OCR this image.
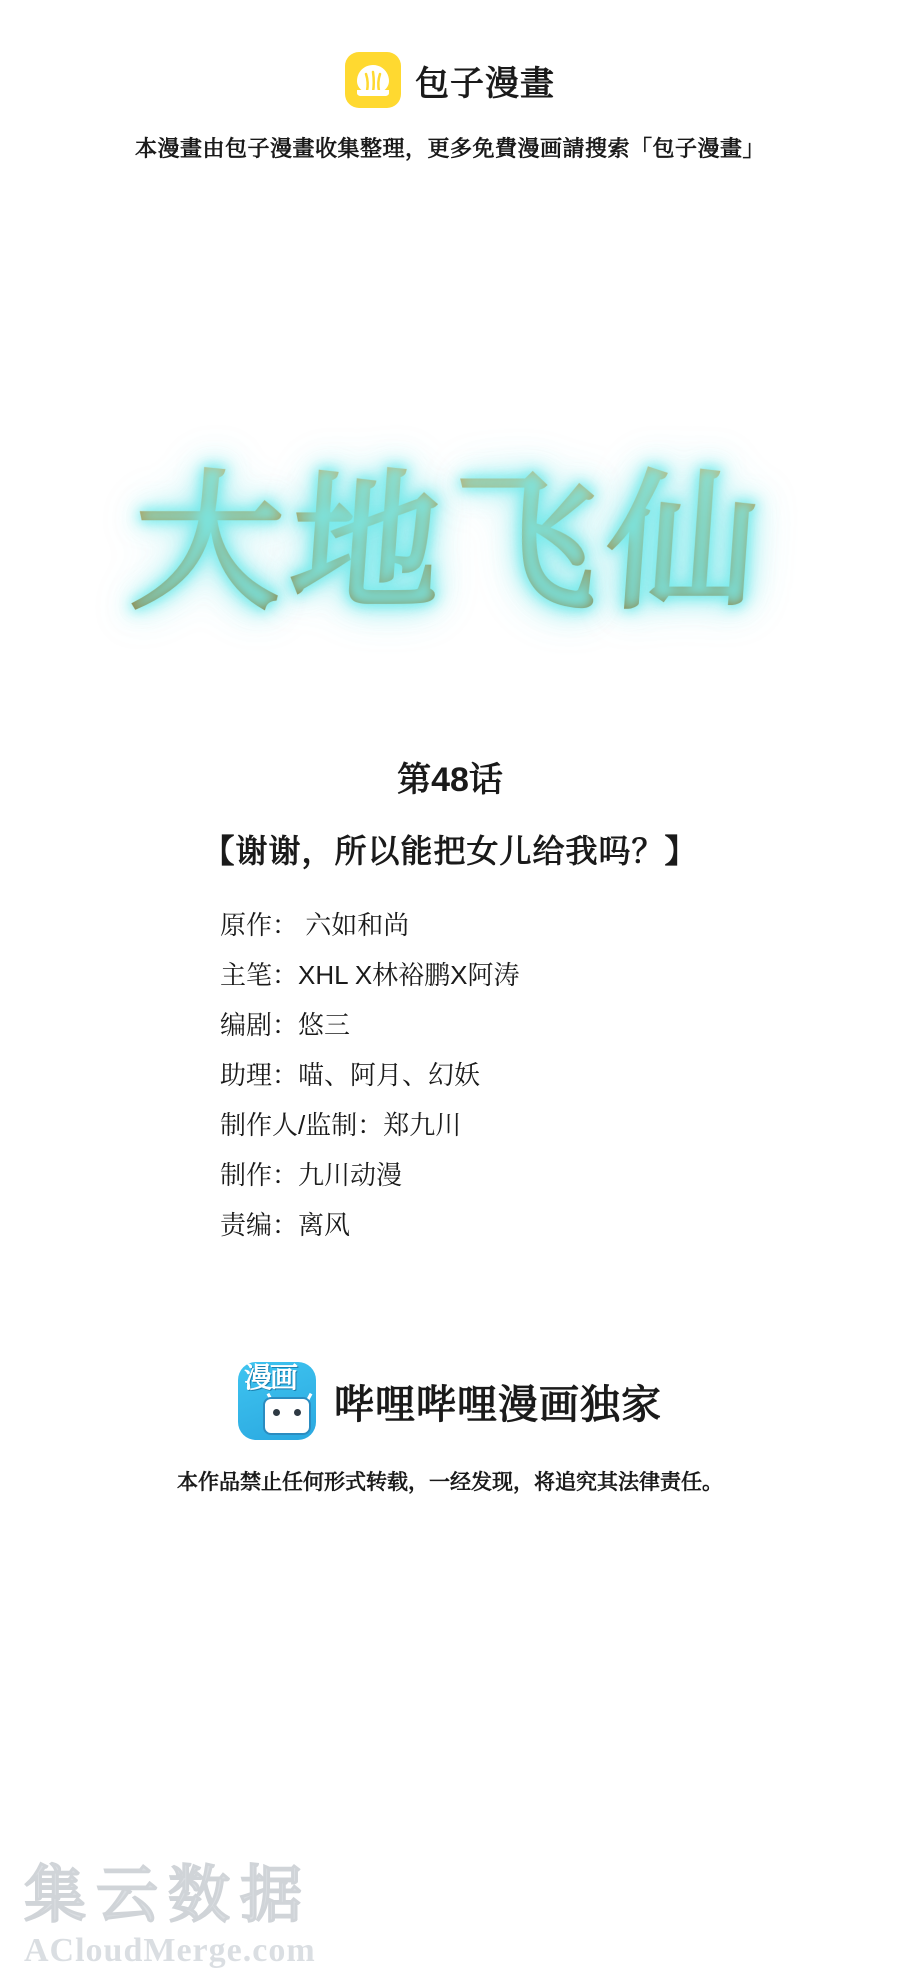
包子漫畫
本漫畫由包子漫畫收集整理，更多免費漫画請搜索「包子漫畫」
大地飞仙
第48话
【谢谢，所以能把女儿给我吗？】
原作： 六如和尚
主笔：XHL X林裕鹏X阿涛
编剧：悠三
助理：喵、阿月、幻妖
制作人/监制：郑九川
制作：九川动漫
责编：离风
漫画
哔哩哔哩漫画独家
本作品禁止任何形式转载，一经发现，将追究其法律责任。
集云数据
ACloudMerge.com
